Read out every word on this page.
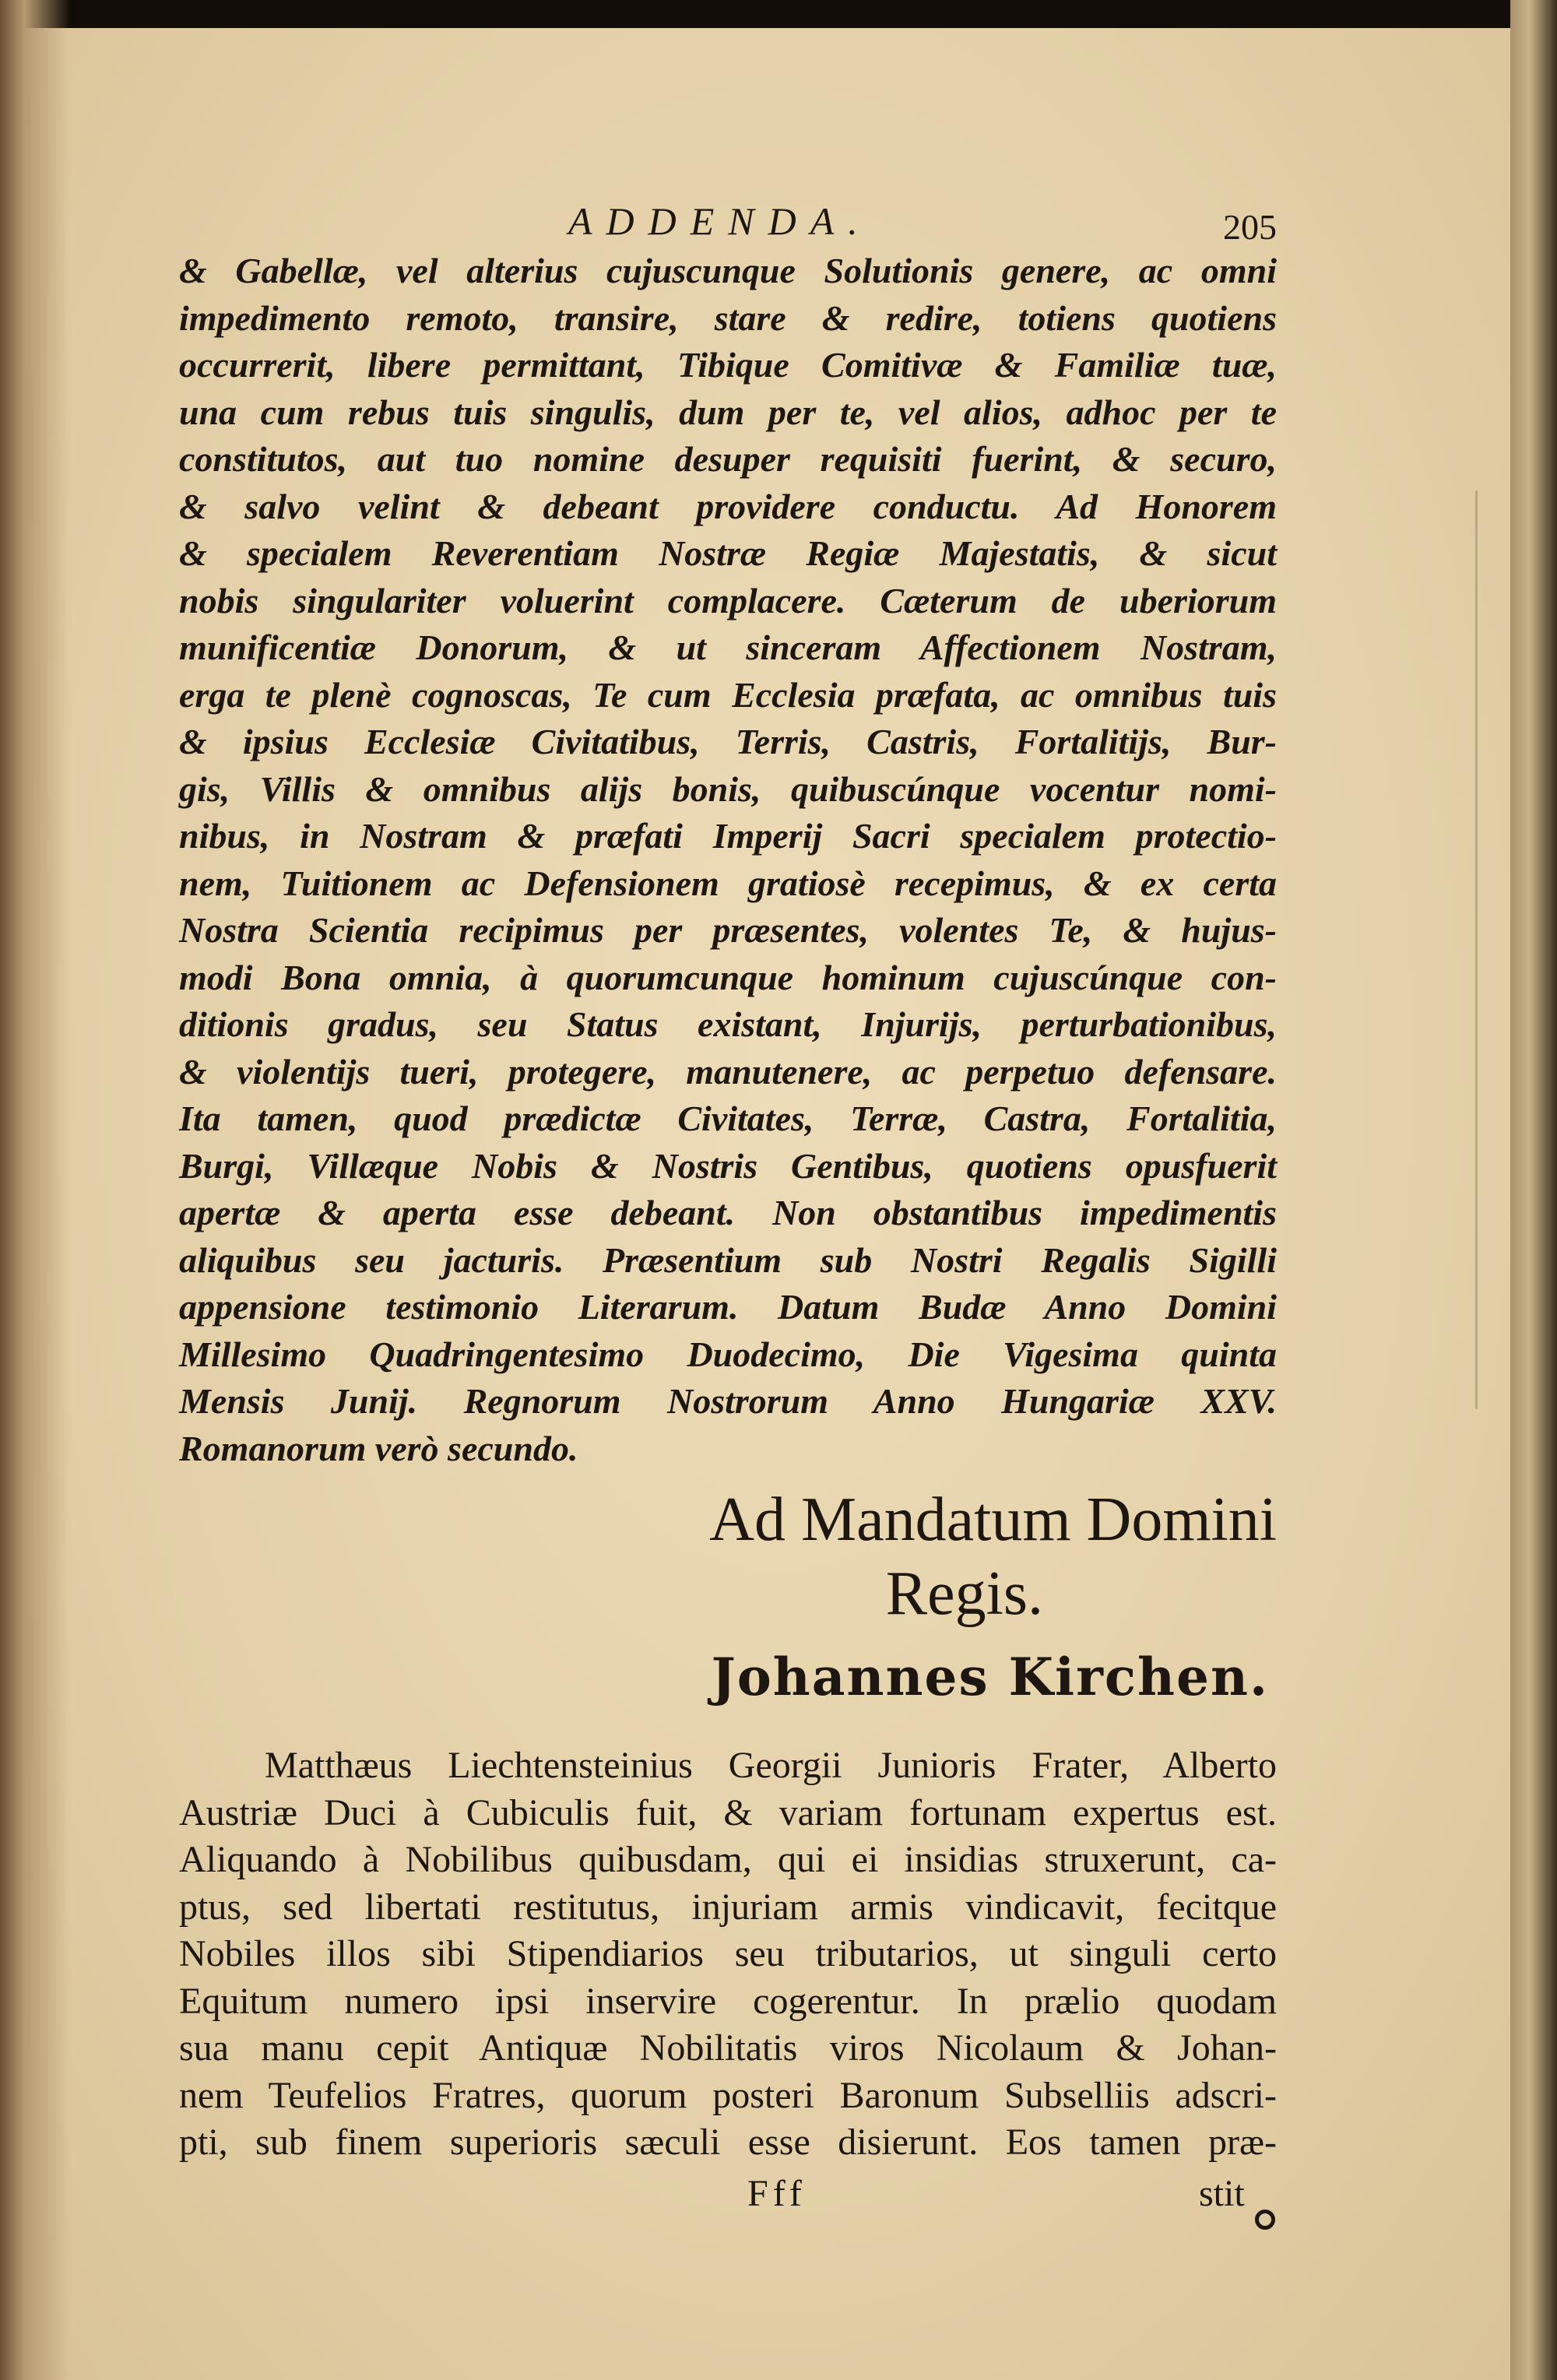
ADDENDA.	205
& Gabellæ, vel alterius cujuscunque Solutionis genere, ac omni
impedimento remoto, transire, stare & redire, totiens quotiens
occurrerit, libere permittant, Tibique Comitivæ & Familiæ tuæ,
una cum rebus tuis singulis, dum per te, vel alios, adhoc per te
constitutos, aut tuo nomine desuper requisiti fuerint, & securo,
& salvo velint & debeant providere conductu. Ad Honorem
& specialem Reverentiam Nostræ Regiæ Majestatis, & sicut
nobis singulariter voluerint complacere. Cæterum de uberiorum
munificentiæ Donorum, & ut sinceram Affectionem Nostram,
erga te plenè cognoscas, Te cum Ecclesia præfata, ac omnibus tuis
& ipsius Ecclesiæ Civitatibus, Terris, Castris, Fortalitijs, Bur-
gis, Villis & omnibus alijs bonis, quibuscúnque vocentur nomi-
nibus, in Nostram & præfati Imperij Sacri specialem protectio-
nem, Tuitionem ac Defensionem gratiosè recepimus, & ex certa
Nostra Scientia recipimus per præsentes, volentes Te, & hujus-
modi Bona omnia, à quorumcunque hominum cujuscúnque con-
ditionis gradus, seu Status existant, Injurijs, perturbationibus,
& violentijs tueri, protegere, manutenere, ac perpetuo defensare.
Ita tamen, quod prædictæ Civitates, Terræ, Castra, Fortalitia,
Burgi, Villæque Nobis & Nostris Gentibus, quotiens opusfuerit
apertæ & aperta esse debeant. Non obstantibus impedimentis
aliquibus seu jacturis. Præsentium sub Nostri Regalis Sigilli
appensione testimonio Literarum. Datum Budæ Anno Domini
Millesimo Quadringentesimo Duodecimo, Die Vigesima quinta
Mensis Junij. Regnorum Nostrorum Anno Hungariæ XXV.
Romanorum verò secundo.
Ad Mandatum Domini
Regis.
Johannes Kirchen.
Matthæus Liechtensteinius Georgii Junioris Frater, Alberto
Austriæ Duci à Cubiculis fuit, & variam fortunam expertus est.
Aliquando à Nobilibus quibusdam, qui ei insidias struxerunt, ca-
ptus, sed libertati restitutus, injuriam armis vindicavit, fecitque
Nobiles illos sibi Stipendiarios seu tributarios, ut singuli certo
Equitum numero ipsi inservire cogerentur. In prælio quodam
sua manu cepit Antiquæ Nobilitatis viros Nicolaum & Johan-
nem Teufelios Fratres, quorum posteri Baronum Subselliis adscri-
pti, sub finem superioris sæculi esse disierunt. Eos tamen præ-
Fff	stit
